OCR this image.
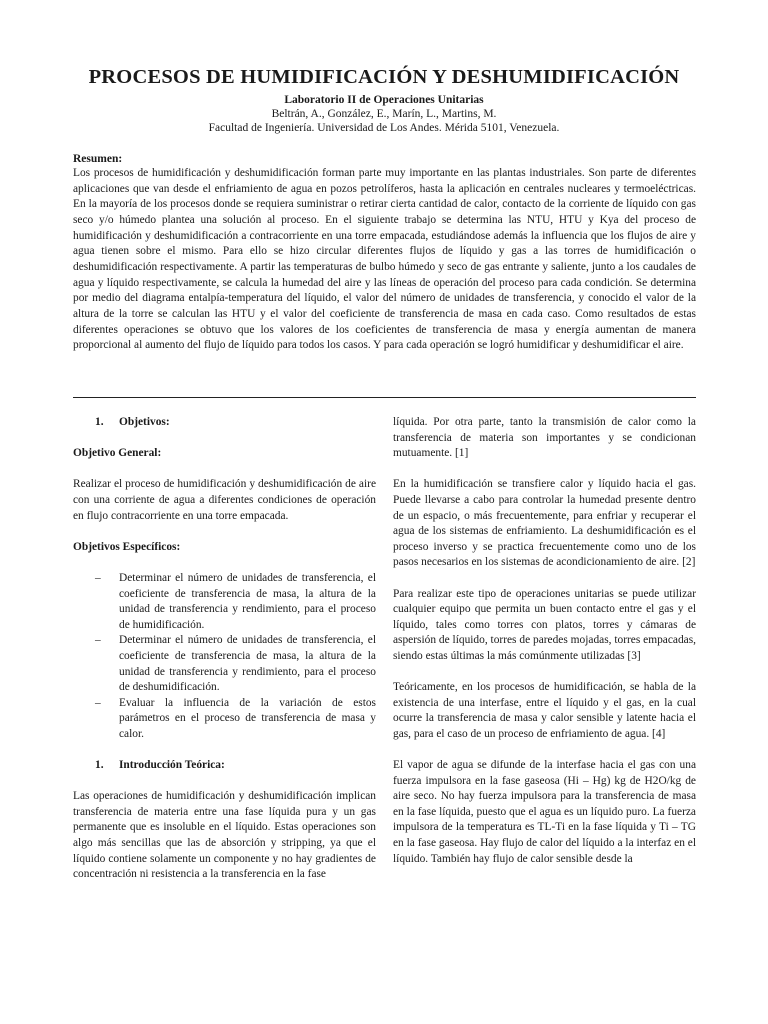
PROCESOS DE HUMIDIFICACIÓN Y DESHUMIDIFICACIÓN
Laboratorio II de Operaciones Unitarias
Beltrán, A., González, E., Marín, L., Martins, M.
Facultad de Ingeniería. Universidad de Los Andes. Mérida 5101, Venezuela.
Resumen:
Los procesos de humidificación y deshumidificación forman parte muy importante en las plantas industriales. Son parte de diferentes aplicaciones que van desde el enfriamiento de agua en pozos petrolíferos, hasta la aplicación en centrales nucleares y termoeléctricas. En la mayoría de los procesos donde se requiera suministrar o retirar cierta cantidad de calor, contacto de la corriente de líquido con gas seco y/o húmedo plantea una solución al proceso. En el siguiente trabajo se determina las NTU, HTU y Kya del proceso de humidificación y deshumidificación a contracorriente en una torre empacada, estudiándose además la influencia que los flujos de aire y agua tienen sobre el mismo. Para ello se hizo circular diferentes flujos de líquido y gas a las torres de humidificación o deshumidificación respectivamente. A partir las temperaturas de bulbo húmedo y seco de gas entrante y saliente, junto a los caudales de agua y líquido respectivamente, se calcula la humedad del aire y las líneas de operación del proceso para cada condición. Se determina por medio del diagrama entalpía-temperatura del líquido, el valor del número de unidades de transferencia, y conocido el valor de la altura de la torre se calculan las HTU y el valor del coeficiente de transferencia de masa en cada caso. Como resultados de estas diferentes operaciones se obtuvo que los valores de los coeficientes de transferencia de masa y energía aumentan de manera proporcional al aumento del flujo de líquido para todos los casos. Y para cada operación se logró humidificar y deshumidificar el aire.

1. Objetivos:

Objetivo General:

Realizar el proceso de humidificación y deshumidificación de aire con una corriente de agua a diferentes condiciones de operación en flujo contracorriente en una torre empacada.

Objetivos Específicos:

– Determinar el número de unidades de transferencia, el coeficiente de transferencia de masa, la altura de la unidad de transferencia y rendimiento, para el proceso de humidificación.
– Determinar el número de unidades de transferencia, el coeficiente de transferencia de masa, la altura de la unidad de transferencia y rendimiento, para el proceso de deshumidificación.
– Evaluar la influencia de la variación de estos parámetros en el proceso de transferencia de masa y calor.

1. Introducción Teórica:

Las operaciones de humidificación y deshumidificación implican transferencia de materia entre una fase líquida pura y un gas permanente que es insoluble en el líquido. Estas operaciones son algo más sencillas que las de absorción y stripping, ya que el líquido contiene solamente un componente y no hay gradientes de concentración ni resistencia a la transferencia en la fase

líquida. Por otra parte, tanto la transmisión de calor como la transferencia de materia son importantes y se condicionan mutuamente. [1]

En la humidificación se transfiere calor y líquido hacia el gas. Puede llevarse a cabo para controlar la humedad presente dentro de un espacio, o más frecuentemente, para enfriar y recuperar el agua de los sistemas de enfriamiento. La deshumidificación es el proceso inverso y se practica frecuentemente como uno de los pasos necesarios en los sistemas de acondicionamiento de aire. [2]

Para realizar este tipo de operaciones unitarias se puede utilizar cualquier equipo que permita un buen contacto entre el gas y el líquido, tales como torres con platos, torres y cámaras de aspersión de líquido, torres de paredes mojadas, torres empacadas, siendo estas últimas la más comúnmente utilizadas [3]

Teóricamente, en los procesos de humidificación, se habla de la existencia de una interfase, entre el líquido y el gas, en la cual ocurre la transferencia de masa y calor sensible y latente hacia el gas, para el caso de un proceso de enfriamiento de agua. [4]

El vapor de agua se difunde de la interfase hacia el gas con una fuerza impulsora en la fase gaseosa (Hi – Hg) kg de H2O/kg de aire seco. No hay fuerza impulsora para la transferencia de masa en la fase líquida, puesto que el agua es un líquido puro. La fuerza impulsora de la temperatura es TL-Ti en la fase líquida y Ti – TG en la fase gaseosa. Hay flujo de calor del líquido a la interfaz en el líquido. También hay flujo de calor sensible desde la
